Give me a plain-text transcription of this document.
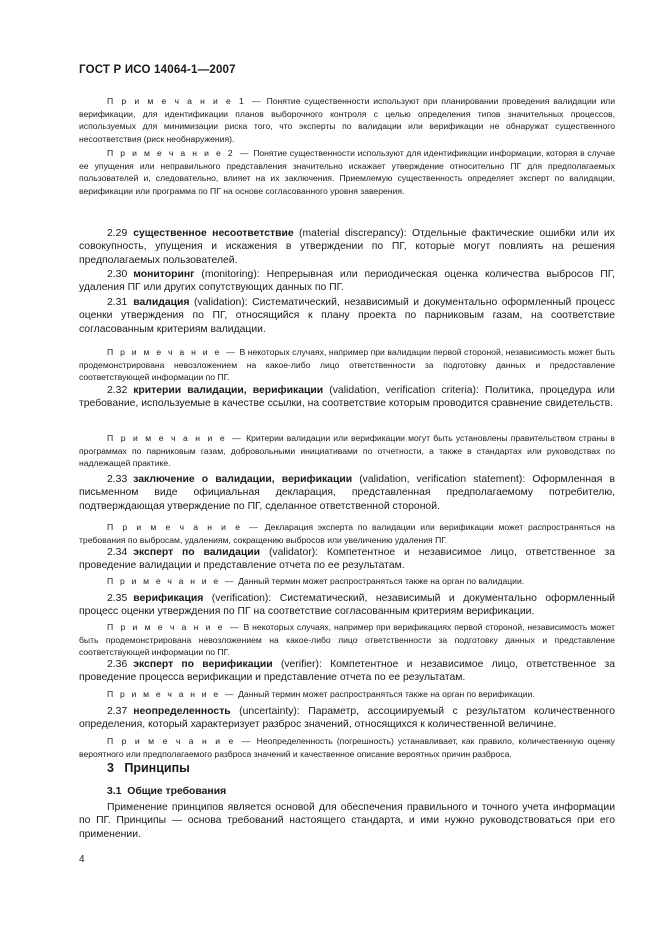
ГОСТ Р ИСО 14064-1—2007
П р и м е ч а н и е 1 — Понятие существенности используют при планировании проведения валидации или верификации, для идентификации планов выборочного контроля с целью определения типов значительных процессов, используемых для минимизации риска того, что эксперты по валидации или верификации не обнаружат существенного несоответствия (риск необнаружения).
П р и м е ч а н и е 2 — Понятие существенности используют для идентификации информации, которая в случае ее упущения или неправильного представления значительно искажает утверждение относительно ПГ для предполагаемых пользователей и, следовательно, влияет на их заключения. Приемлемую существенность определяет эксперт по валидации, верификации или программа по ПГ на основе согласованного уровня заверения.
2.29 существенное несоответствие (material discrepancy): Отдельные фактические ошибки или их совокупность, упущения и искажения в утверждении по ПГ, которые могут повлиять на решения предполагаемых пользователей.
2.30 мониторинг (monitoring): Непрерывная или периодическая оценка количества выбросов ПГ, удаления ПГ или других сопутствующих данных по ПГ.
2.31 валидация (validation): Систематический, независимый и документально оформленный процесс оценки утверждения по ПГ, относящийся к плану проекта по парниковым газам, на соответствие согласованным критериям валидации.
П р и м е ч а н и е — В некоторых случаях, например при валидации первой стороной, независимость может быть продемонстрирована невозложением на какое-либо лицо ответственности за подготовку данных и предоставление соответствующей информации по ПГ.
2.32 критерии валидации, верификации (validation, verification criteria): Политика, процедура или требование, используемые в качестве ссылки, на соответствие которым проводится сравнение свидетельств.
П р и м е ч а н и е — Критерии валидации или верификации могут быть установлены правительством страны в программах по парниковым газам, добровольными инициативами по отчетности, а также в стандартах или руководствах по надлежащей практике.
2.33 заключение о валидации, верификации (validation, verification statement): Оформленная в письменном виде официальная декларация, представленная предполагаемому потребителю, подтверждающая утверждение по ПГ, сделанное ответственной стороной.
П р и м е ч а н и е — Декларация эксперта по валидации или верификации может распространяться на требования по выбросам, удалениям, сокращению выбросов или увеличению удаления ПГ.
2.34 эксперт по валидации (validator): Компетентное и независимое лицо, ответственное за проведение валидации и представление отчета по ее результатам.
П р и м е ч а н и е — Данный термин может распространяться также на орган по валидации.
2.35 верификация (verification): Систематический, независимый и документально оформленный процесс оценки утверждения по ПГ на соответствие согласованным критериям верификации.
П р и м е ч а н и е — В некоторых случаях, например при верификациях первой стороной, независимость может быть продемонстрирована невозложением на какое-либо лицо ответственности за подготовку данных и представление соответствующей информации по ПГ.
2.36 эксперт по верификации (verifier): Компетентное и независимое лицо, ответственное за проведение процесса верификации и представление отчета по ее результатам.
П р и м е ч а н и е — Данный термин может распространяться также на орган по верификации.
2.37 неопределенность (uncertainty): Параметр, ассоциируемый с результатом количественного определения, который характеризует разброс значений, относящихся к количественной величине.
П р и м е ч а н и е — Неопределенность (погрешность) устанавливает, как правило, количественную оценку вероятного или предполагаемого разброса значений и качественное описание вероятных причин разброса.
3 Принципы
3.1 Общие требования
Применение принципов является основой для обеспечения правильного и точного учета информации по ПГ. Принципы — основа требований настоящего стандарта, и ими нужно руководствоваться при его применении.
4
